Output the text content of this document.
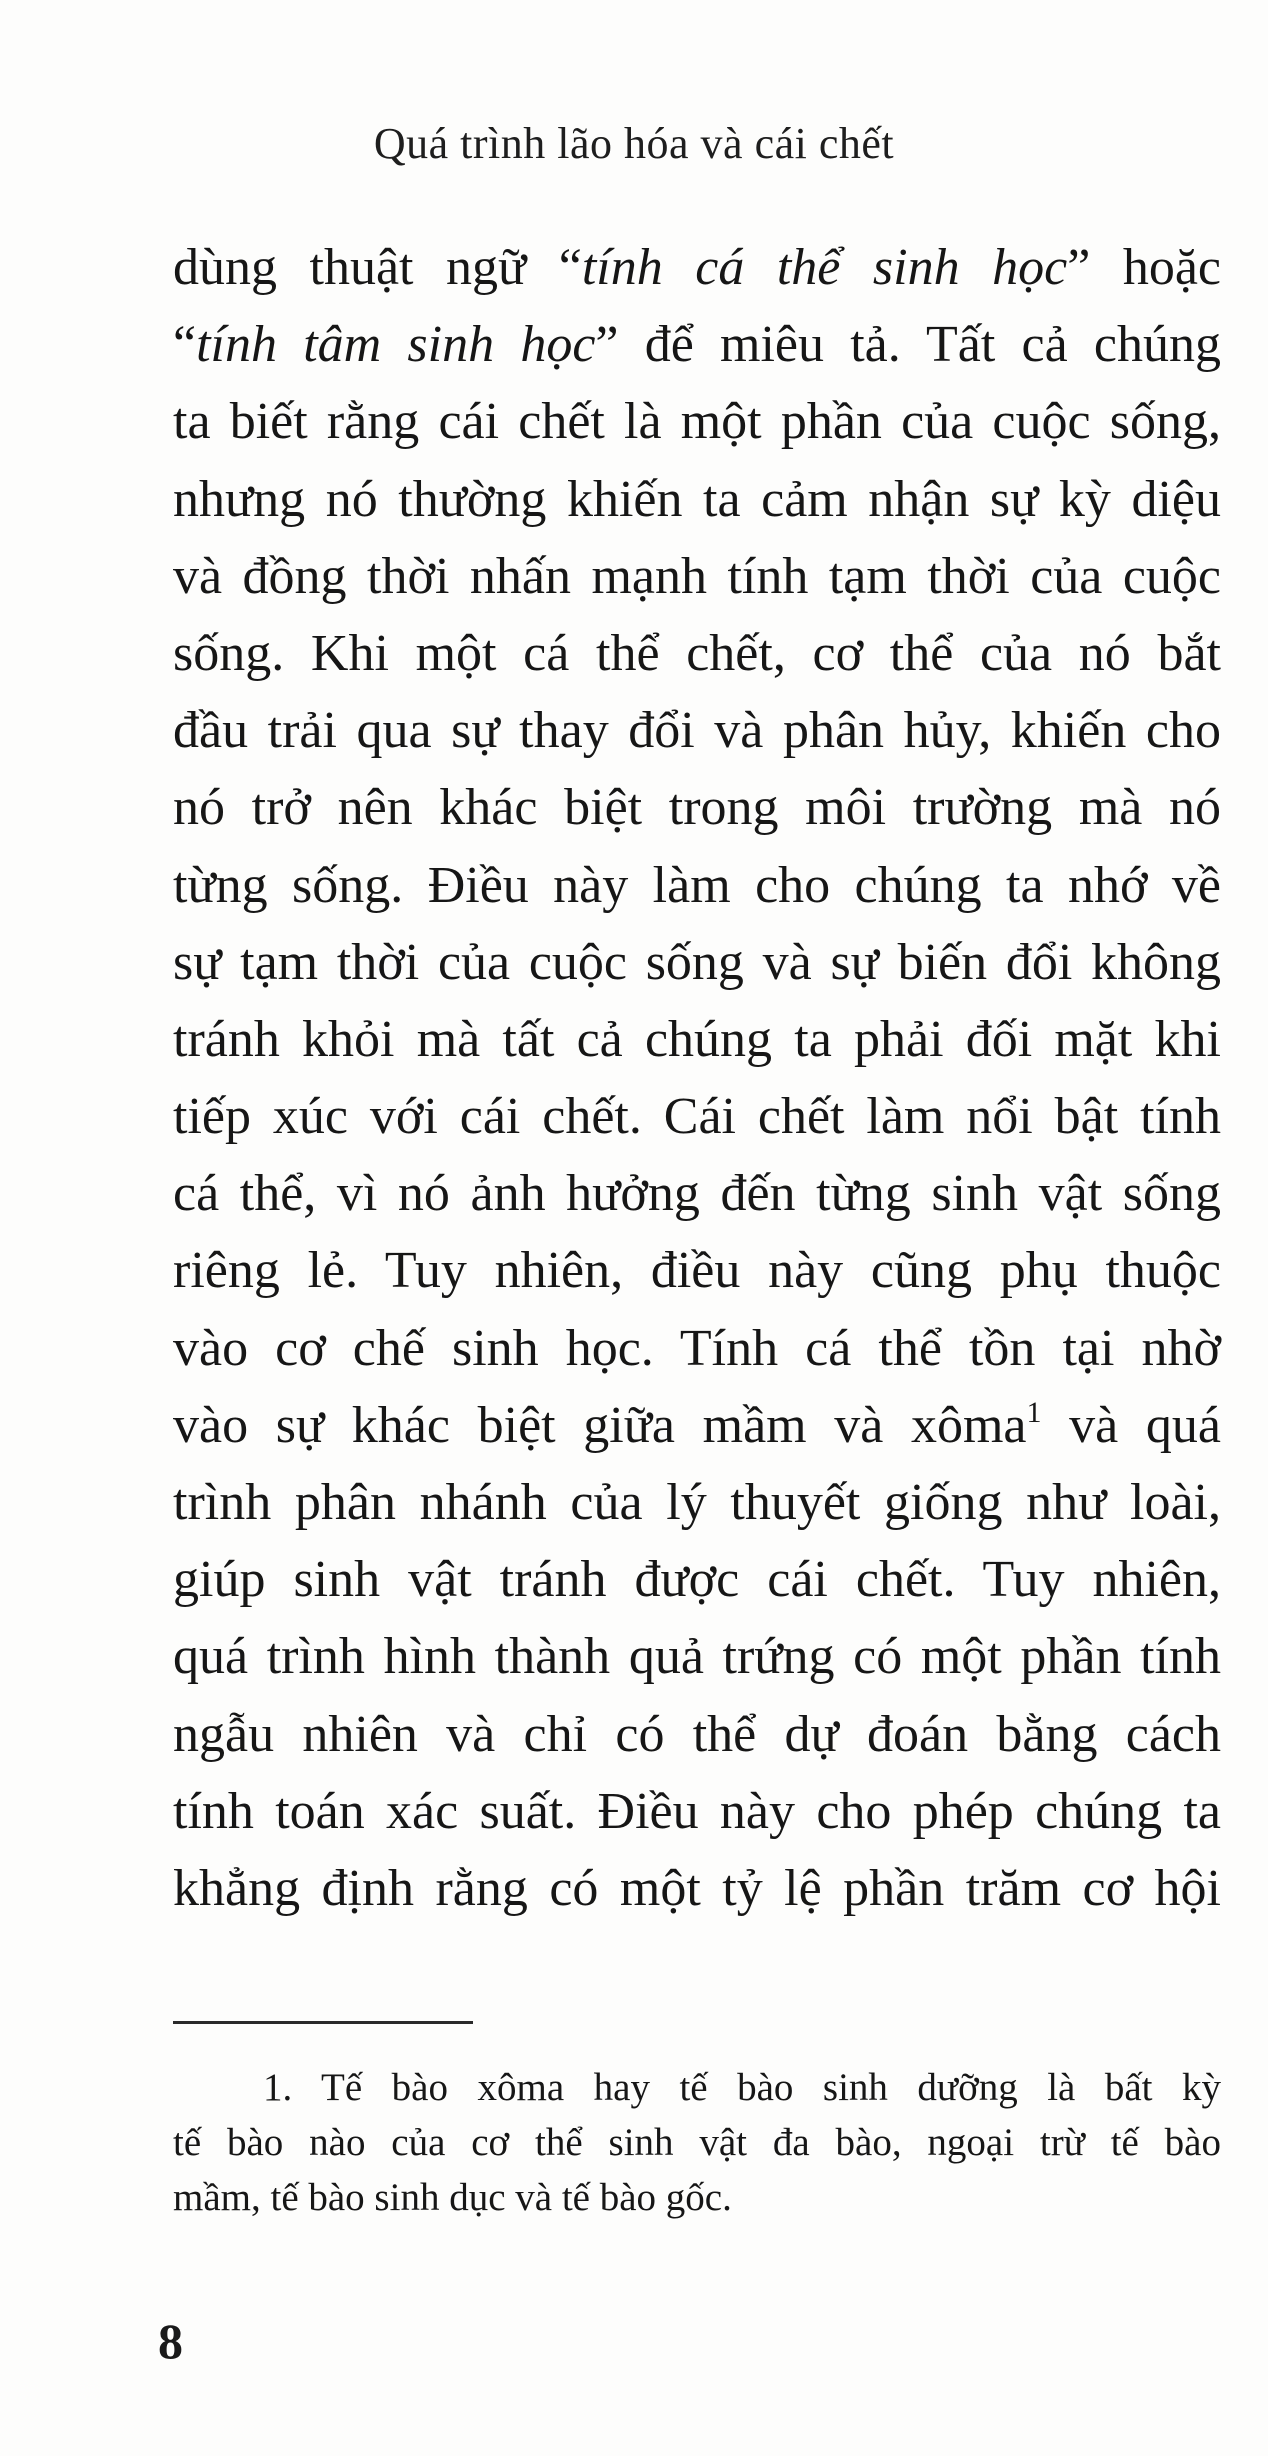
Quá trình lão hóa và cái chết
dùng thuật ngữ “tính cá thể sinh học” hoặc
“tính tâm sinh học” để miêu tả. Tất cả chúng
ta biết rằng cái chết là một phần của cuộc sống,
nhưng nó thường khiến ta cảm nhận sự kỳ diệu
và đồng thời nhấn mạnh tính tạm thời của cuộc
sống. Khi một cá thể chết, cơ thể của nó bắt
đầu trải qua sự thay đổi và phân hủy, khiến cho
nó trở nên khác biệt trong môi trường mà nó
từng sống. Điều này làm cho chúng ta nhớ về
sự tạm thời của cuộc sống và sự biến đổi không
tránh khỏi mà tất cả chúng ta phải đối mặt khi
tiếp xúc với cái chết. Cái chết làm nổi bật tính
cá thể, vì nó ảnh hưởng đến từng sinh vật sống
riêng lẻ. Tuy nhiên, điều này cũng phụ thuộc
vào cơ chế sinh học. Tính cá thể tồn tại nhờ
vào sự khác biệt giữa mầm và xôma$^1$ và quá
trình phân nhánh của lý thuyết giống như loài,
giúp sinh vật tránh được cái chết. Tuy nhiên,
quá trình hình thành quả trứng có một phần tính
ngẫu nhiên và chỉ có thể dự đoán bằng cách
tính toán xác suất. Điều này cho phép chúng ta
khẳng định rằng có một tỷ lệ phần trăm cơ hội
1. Tế bào xôma hay tế bào sinh dưỡng là bất kỳ
tế bào nào của cơ thể sinh vật đa bào, ngoại trừ tế bào
mầm, tế bào sinh dục và tế bào gốc.
8
